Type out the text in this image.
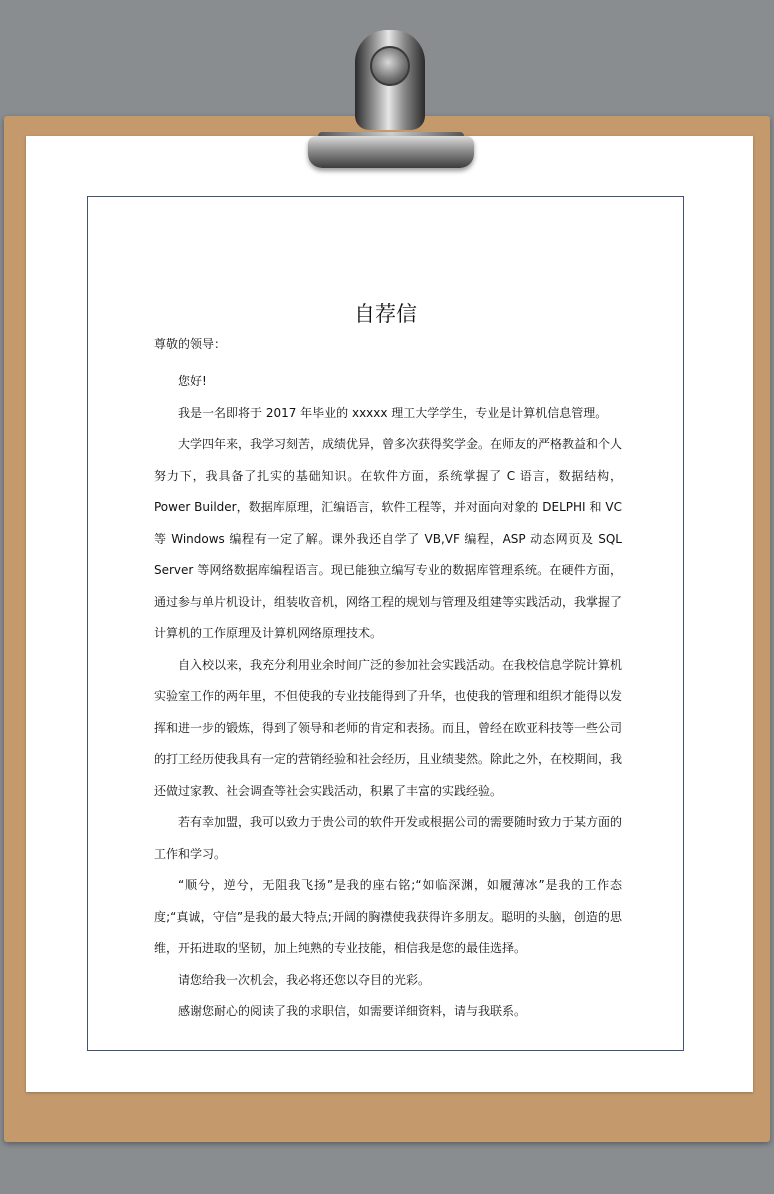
自荐信
尊敬的领导：

您好!

我是一名即将于 2017 年毕业的 xxxxx 理工大学学生，专业是计算机信息管理。

大学四年来，我学习刻苦，成绩优异，曾多次获得奖学金。在师友的严格教益和个人努力下，我具备了扎实的基础知识。在软件方面，系统掌握了 C 语言，数据结构，Power Builder，数据库原理，汇编语言，软件工程等，并对面向对象的 DELPHI 和 VC 等 Windows 编程有一定了解。课外我还自学了 VB,VF 编程，ASP 动态网页及 SQL Server 等网络数据库编程语言。现已能独立编写专业的数据库管理系统。在硬件方面，通过参与单片机设计，组装收音机，网络工程的规划与管理及组建等实践活动，我掌握了计算机的工作原理及计算机网络原理技术。

自入校以来，我充分利用业余时间广泛的参加社会实践活动。在我校信息学院计算机实验室工作的两年里，不但使我的专业技能得到了升华，也使我的管理和组织才能得以发挥和进一步的锻炼，得到了领导和老师的肯定和表扬。而且，曾经在欧亚科技等一些公司的打工经历使我具有一定的营销经验和社会经历，且业绩斐然。除此之外，在校期间，我还做过家教、社会调查等社会实践活动，积累了丰富的实践经验。

若有幸加盟，我可以致力于贵公司的软件开发或根据公司的需要随时致力于某方面的工作和学习。

“顺兮，逆兮，无阻我飞扬”是我的座右铭;“如临深渊，如履薄冰”是我的工作态度;“真诚，守信”是我的最大特点;开阔的胸襟使我获得许多朋友。聪明的头脑，创造的思维，开拓进取的坚韧，加上纯熟的专业技能，相信我是您的最佳选择。

请您给我一次机会，我必将还您以夺目的光彩。

感谢您耐心的阅读了我的求职信，如需要详细资料，请与我联系。
